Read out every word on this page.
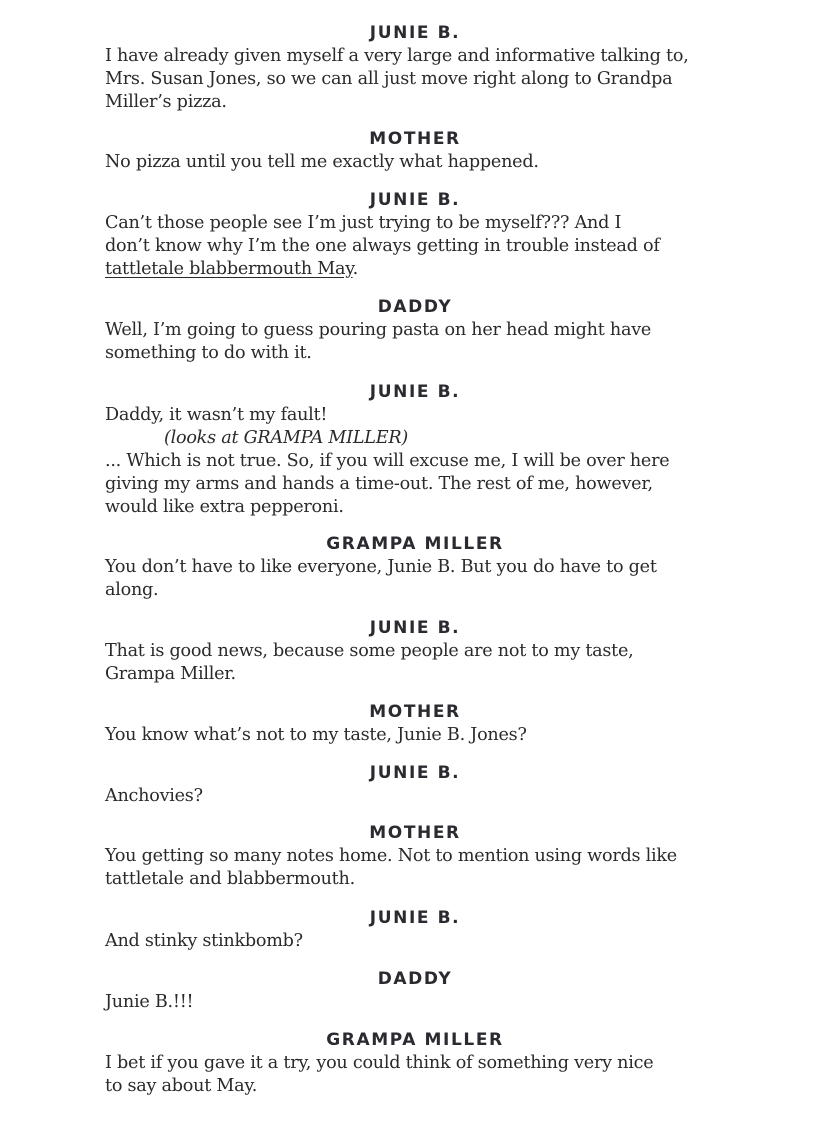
JUNIE B.
I have already given myself a very large and informative talking to,
Mrs. Susan Jones, so we can all just move right along to Grandpa
Miller’s pizza.
MOTHER
No pizza until you tell me exactly what happened.
JUNIE B.
Can’t those people see I’m just trying to be myself??? And I
don’t know why I’m the one always getting in trouble instead of
tattletale blabbermouth May.
DADDY
Well, I’m going to guess pouring pasta on her head might have
something to do with it.
JUNIE B.
Daddy, it wasn’t my fault!
(looks at GRAMPA MILLER)
... Which is not true. So, if you will excuse me, I will be over here
giving my arms and hands a time-out. The rest of me, however,
would like extra pepperoni.
GRAMPA MILLER
You don’t have to like everyone, Junie B. But you do have to get
along.
JUNIE B.
That is good news, because some people are not to my taste,
Grampa Miller.
MOTHER
You know what’s not to my taste, Junie B. Jones?
JUNIE B.
Anchovies?
MOTHER
You getting so many notes home. Not to mention using words like
tattletale and blabbermouth.
JUNIE B.
And stinky stinkbomb?
DADDY
Junie B.!!!
GRAMPA MILLER
I bet if you gave it a try, you could think of something very nice
to say about May.
